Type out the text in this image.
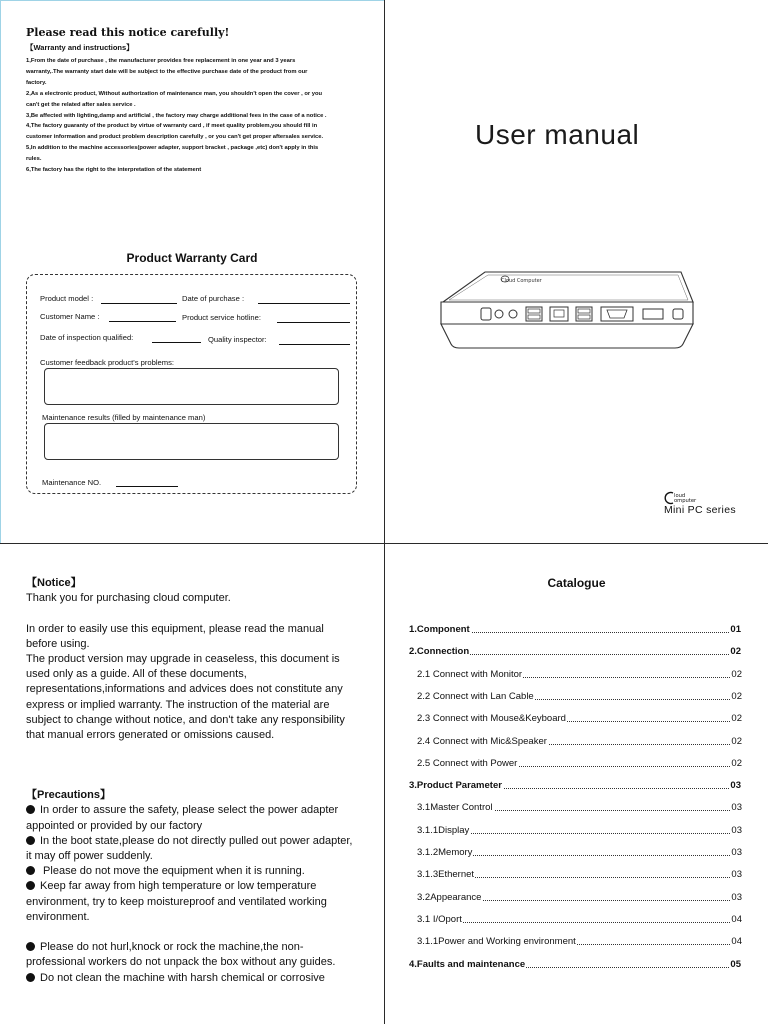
Please read this notice carefully!
【Warranty and instructions】
1,From the date of purchase , the manufacturer provides free replacement in one year and 3 years
warranty,.The warranty start date will be subject to the effective purchase date of the product from our
factory.
2,As a electronic product, Without authorization of maintenance man, you shouldn't open the cover , or you
can't get the related after sales service .
3,Be affected with lighting,damp and artificial , the factory may charge additional fees in the case of a notice .
4,The factory guaranty of the product by virtue of warranty card , if meet quality problem,you should fill in
customer information and product problem description carefully , or you can't get proper aftersales service.
5,In addition to the machine accessories(power adapter, support bracket , package ,etc) don't apply in this
rules.
6,The factory has the right to the interpretation of the statement
Product Warranty Card
Product model :	Date of purchase :
Customer Name :	Product service hotline:
Date of inspection qualified:	Quality inspector:
Customer feedback product's problems:
Maintenance results (filled by maintenance man)
Maintenance NO.
User manual
Cloud Computer
loud
omputer
Mini PC series

【Notice】

Thank you for purchasing cloud computer.

In order to easily use this equipment, please read the manual before using.

The product version may upgrade in ceaseless, this document is used only as a guide. All of these documents, representations,informations and advices does not constitute any express or implied warranty. The instruction of the material are subject to change without notice, and don't take any responsibility that manual errors generated or omissions caused.

【Precautions】

In order to assure the safety, please select the power adapter appointed or provided by our factory

In the boot state,please do not directly pulled out power adapter, it may off power suddenly.

Please do not move the equipment when it is running.

Keep far away from high temperature or low temperature environment, try to keep moistureproof and ventilated working environment.

Please do not hurl,knock or rock the machine,the non-professional workers do not unpack the box without any guides.

Do not clean the machine with harsh chemical or corrosive

Catalogue
1.Component	01
2.Connection	02
2.1 Connect with Monitor	02
2.2 Connect with Lan Cable	02
2.3 Connect with Mouse&Keyboard	02
2.4 Connect with Mic&Speaker	02
2.5 Connect with Power	02
3.Product Parameter	03
3.1Master Control	03
3.1.1Display	03
3.1.2Memory	03
3.1.3Ethernet	03
3.2Appearance	03
3.1 I/Oport	04
3.1.1Power and Working environment	04
4.Faults and maintenance	05
